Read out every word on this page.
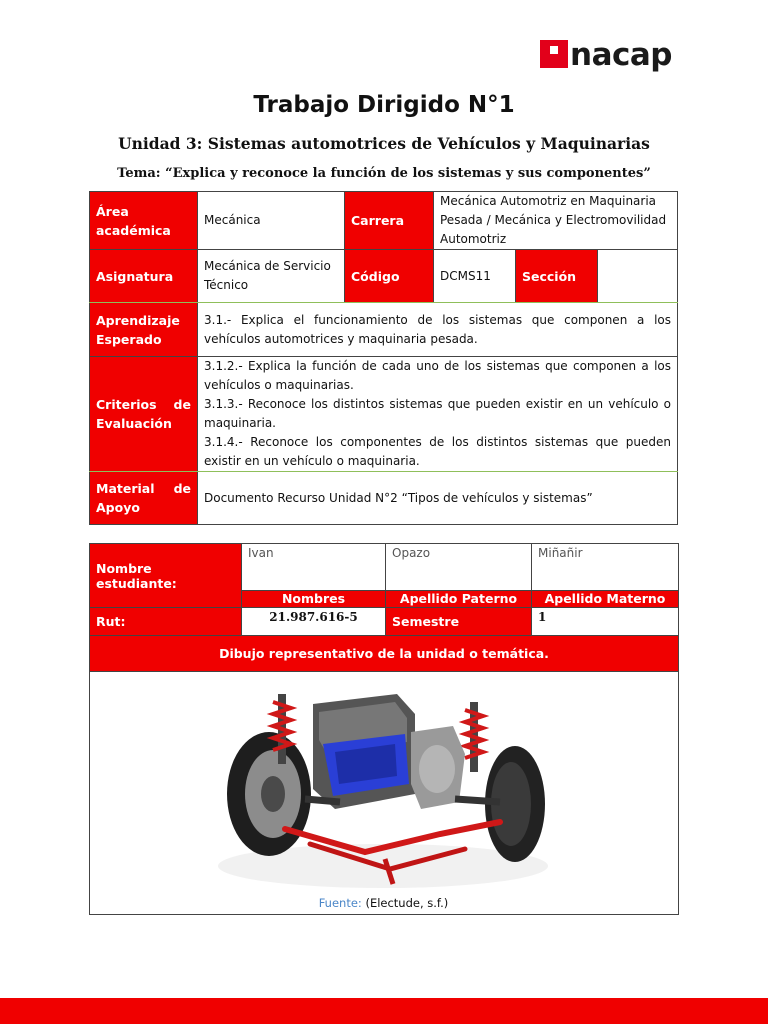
nacap
Trabajo Dirigido N°1
Unidad 3: Sistemas automotrices de Vehículos y Maquinarias
Tema: “Explica y reconoce la función de los sistemas y sus componentes”
Área académica	Mecánica	Carrera	Mecánica Automotriz en Maquinaria Pesada / Mecánica y Electromovilidad Automotriz		
Asignatura	Mecánica de Servicio Técnico	Código	DCMS11	Sección	
Aprendizaje Esperado	3.1.- Explica el funcionamiento de los sistemas que componen a los vehículos automotrices y maquinaria pesada.				
Criterios de Evaluación	3.1.2.- Explica la función de cada uno de los sistemas que componen a los vehículos o maquinarias.
3.1.3.- Reconoce los distintos sistemas que pueden existir en un vehículo o maquinaria.
3.1.4.- Reconoce los componentes de los distintos sistemas que pueden existir en un vehículo o maquinaria.				

Material de Apoyo	Documento Recurso Unidad N°2 “Tipos de vehículos y sistemas”				
Nombre estudiante:	Ivan	Opazo	Miñañir
	Nombres	Apellido Paterno	Apellido Materno
Rut:	21.987.616-5	Semestre	1
Dibujo representativo de la unidad o temática.			

Fuente: (Electude, s.f.)			
